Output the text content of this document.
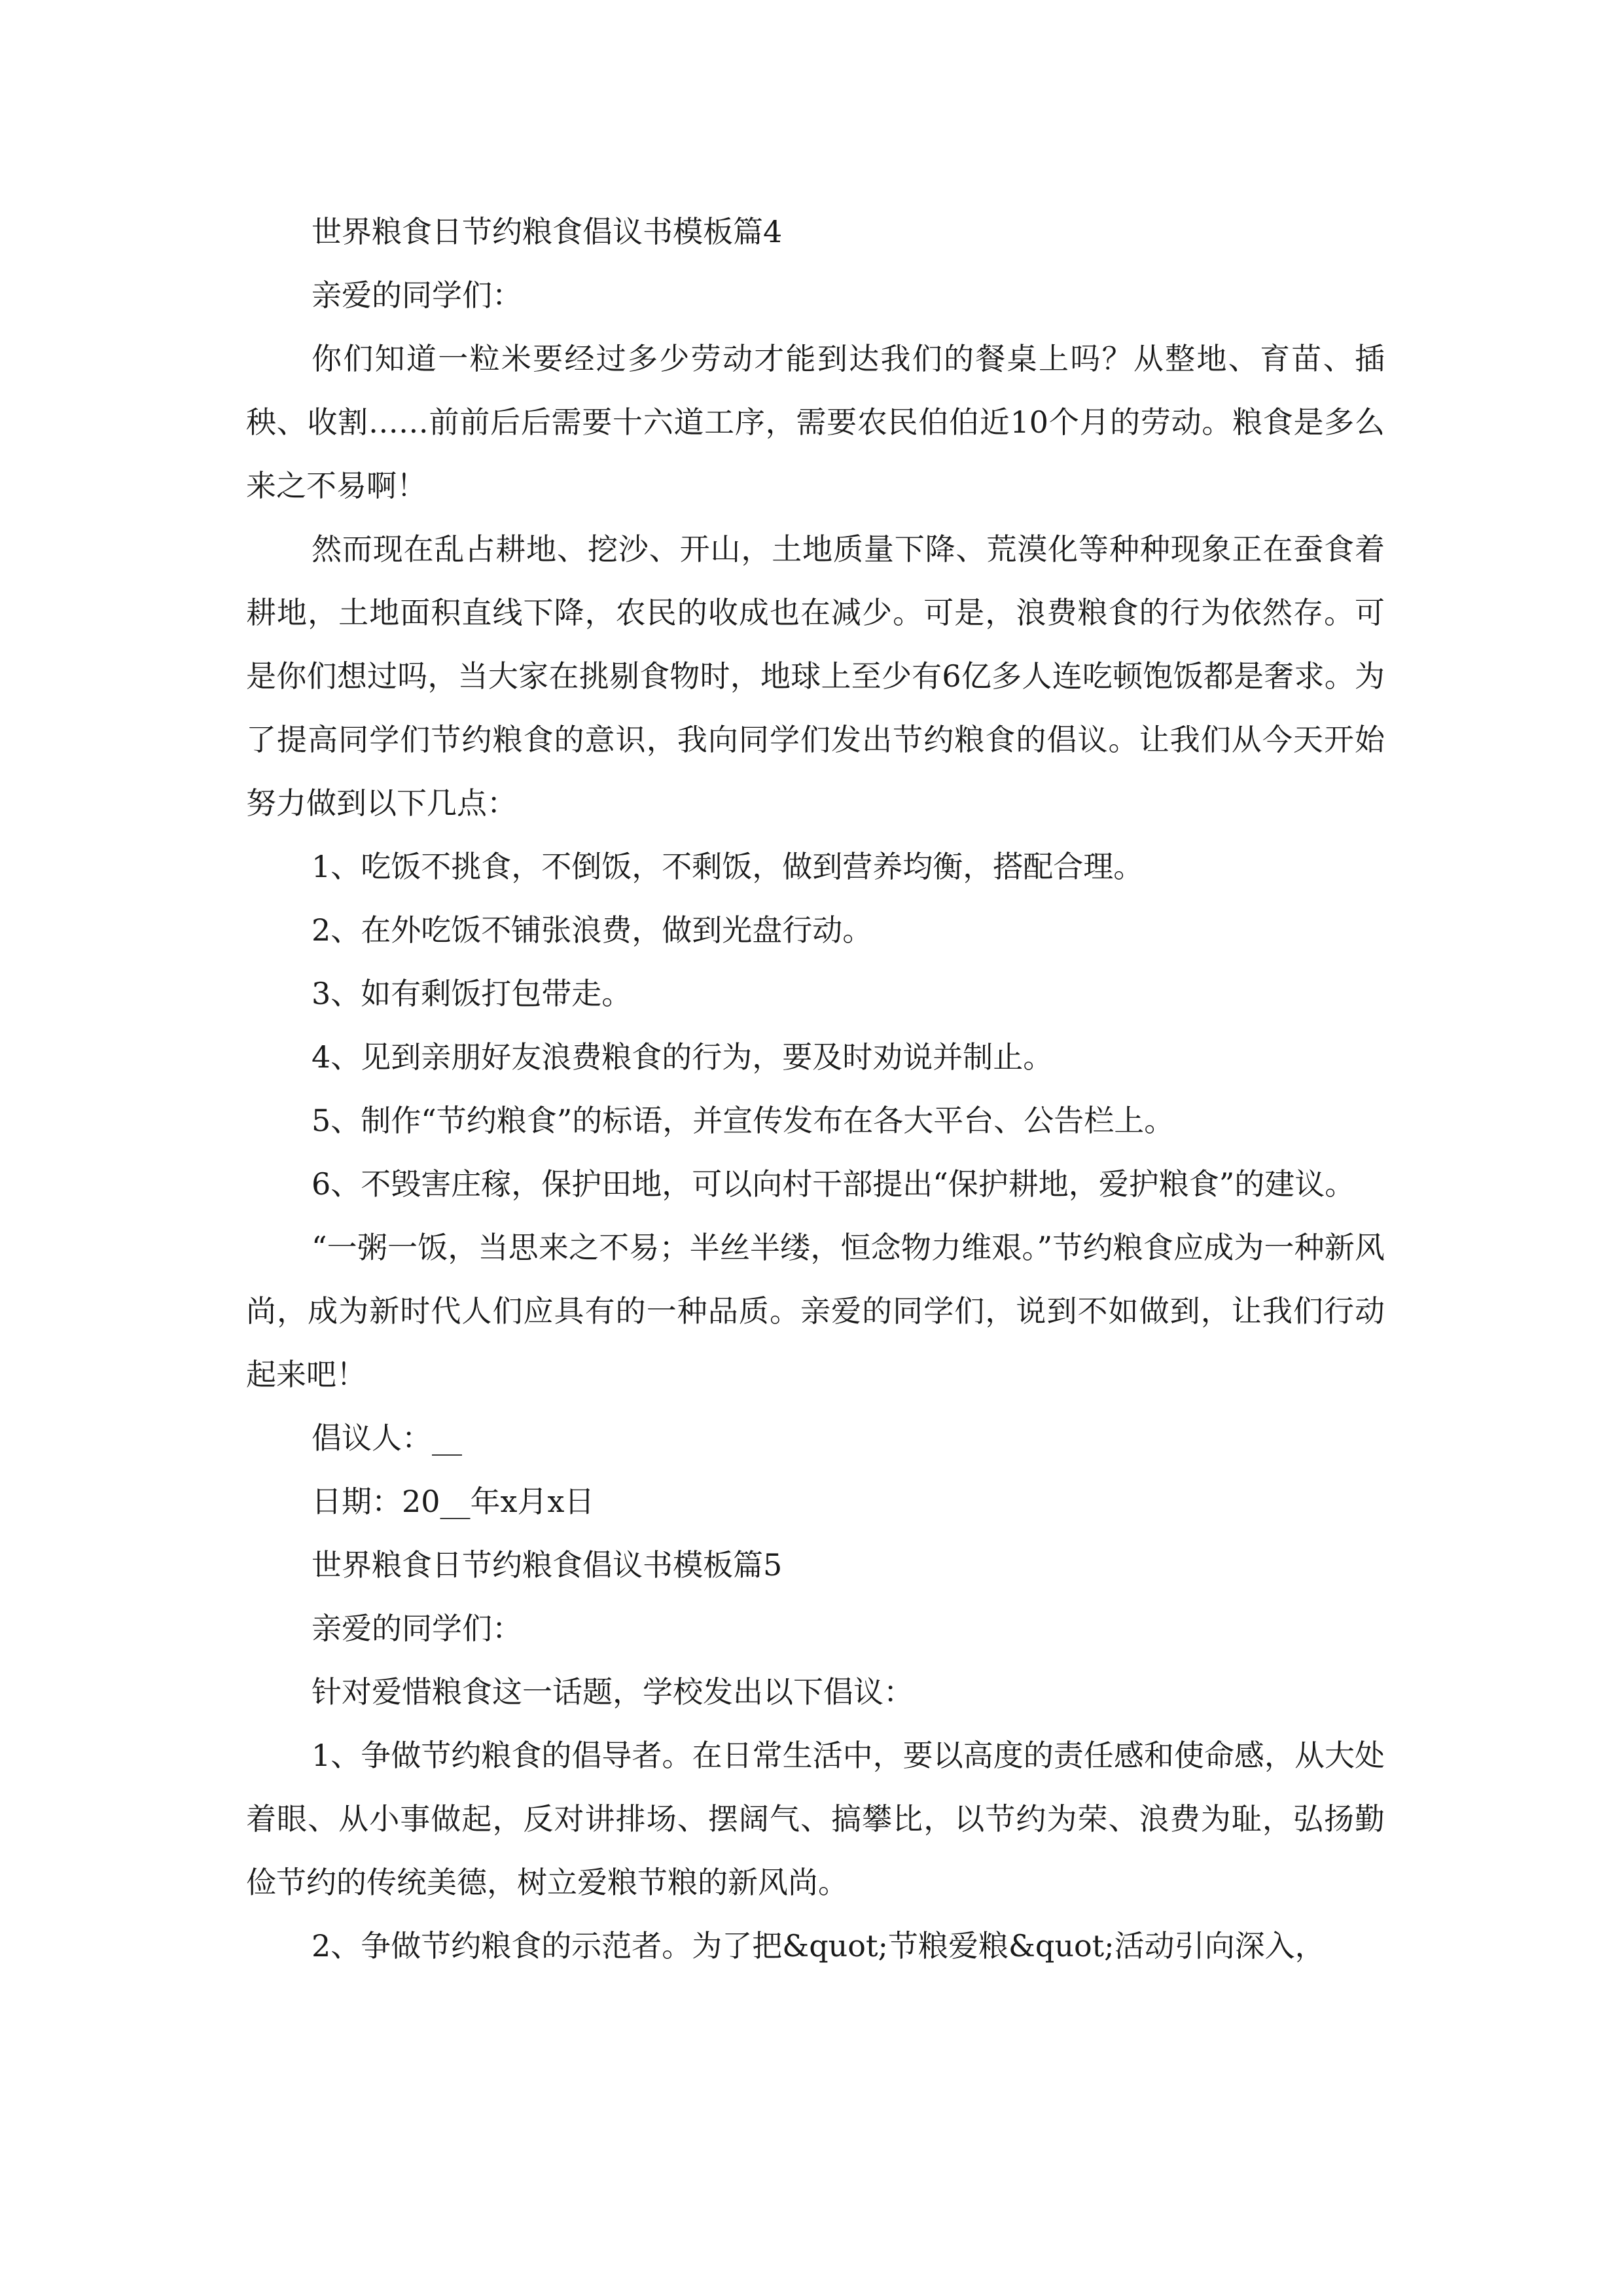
世界粮食日节约粮食倡议书模板篇4

亲爱的同学们：

你们知道一粒米要经过多少劳动才能到达我们的餐桌上吗？从整地、育苗、插秧、收割……前前后后需要十六道工序，需要农民伯伯近10个月的劳动。粮食是多么来之不易啊！

然而现在乱占耕地、挖沙、开山，土地质量下降、荒漠化等种种现象正在蚕食着耕地，土地面积直线下降，农民的收成也在减少。可是，浪费粮食的行为依然存。可是你们想过吗，当大家在挑剔食物时，地球上至少有6亿多人连吃顿饱饭都是奢求。为了提高同学们节约粮食的意识，我向同学们发出节约粮食的倡议。让我们从今天开始努力做到以下几点：

1、吃饭不挑食，不倒饭，不剩饭，做到营养均衡，搭配合理。

2、在外吃饭不铺张浪费，做到光盘行动。

3、如有剩饭打包带走。

4、见到亲朋好友浪费粮食的行为，要及时劝说并制止。

5、制作“节约粮食”的标语，并宣传发布在各大平台、公告栏上。

6、不毁害庄稼，保护田地，可以向村干部提出“保护耕地，爱护粮食”的建议。

“一粥一饭，当思来之不易；半丝半缕，恒念物力维艰。”节约粮食应成为一种新风尚，成为新时代人们应具有的一种品质。亲爱的同学们，说到不如做到，让我们行动起来吧！

倡议人：__

日期：20__年x月x日

世界粮食日节约粮食倡议书模板篇5

亲爱的同学们：

针对爱惜粮食这一话题，学校发出以下倡议：

1、争做节约粮食的倡导者。在日常生活中，要以高度的责任感和使命感，从大处着眼、从小事做起，反对讲排场、摆阔气、搞攀比，以节约为荣、浪费为耻，弘扬勤俭节约的传统美德，树立爱粮节粮的新风尚。

2、争做节约粮食的示范者。为了把&quot;节粮爱粮&quot;活动引向深入，
